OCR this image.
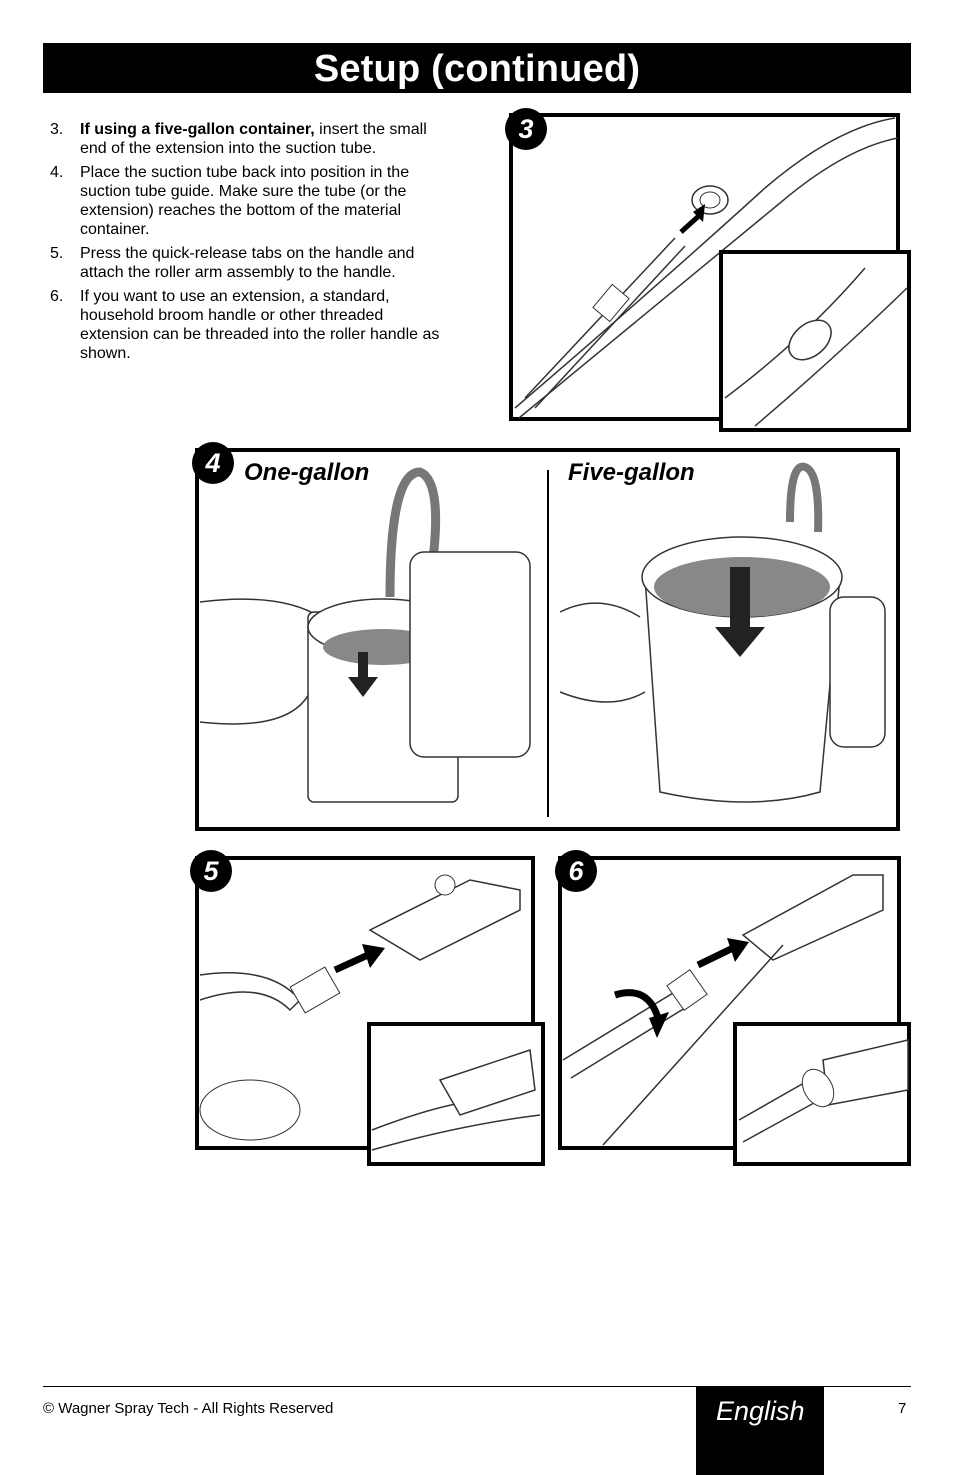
Setup (continued)
3. If using a five-gallon container, insert the small end of the extension into the suction tube.
4. Place the suction tube back into position in the suction tube guide. Make sure the tube (or the extension) reaches the bottom of the material container.
5. Press the quick-release tabs on the handle and attach the roller arm assembly to the handle.
6. If you want to use an extension, a standard, household broom handle or other threaded extension can be threaded into the roller handle as shown.
3
4 One-gallon	Five-gallon
5	6
© Wagner Spray Tech - All Rights Reserved	English	7
